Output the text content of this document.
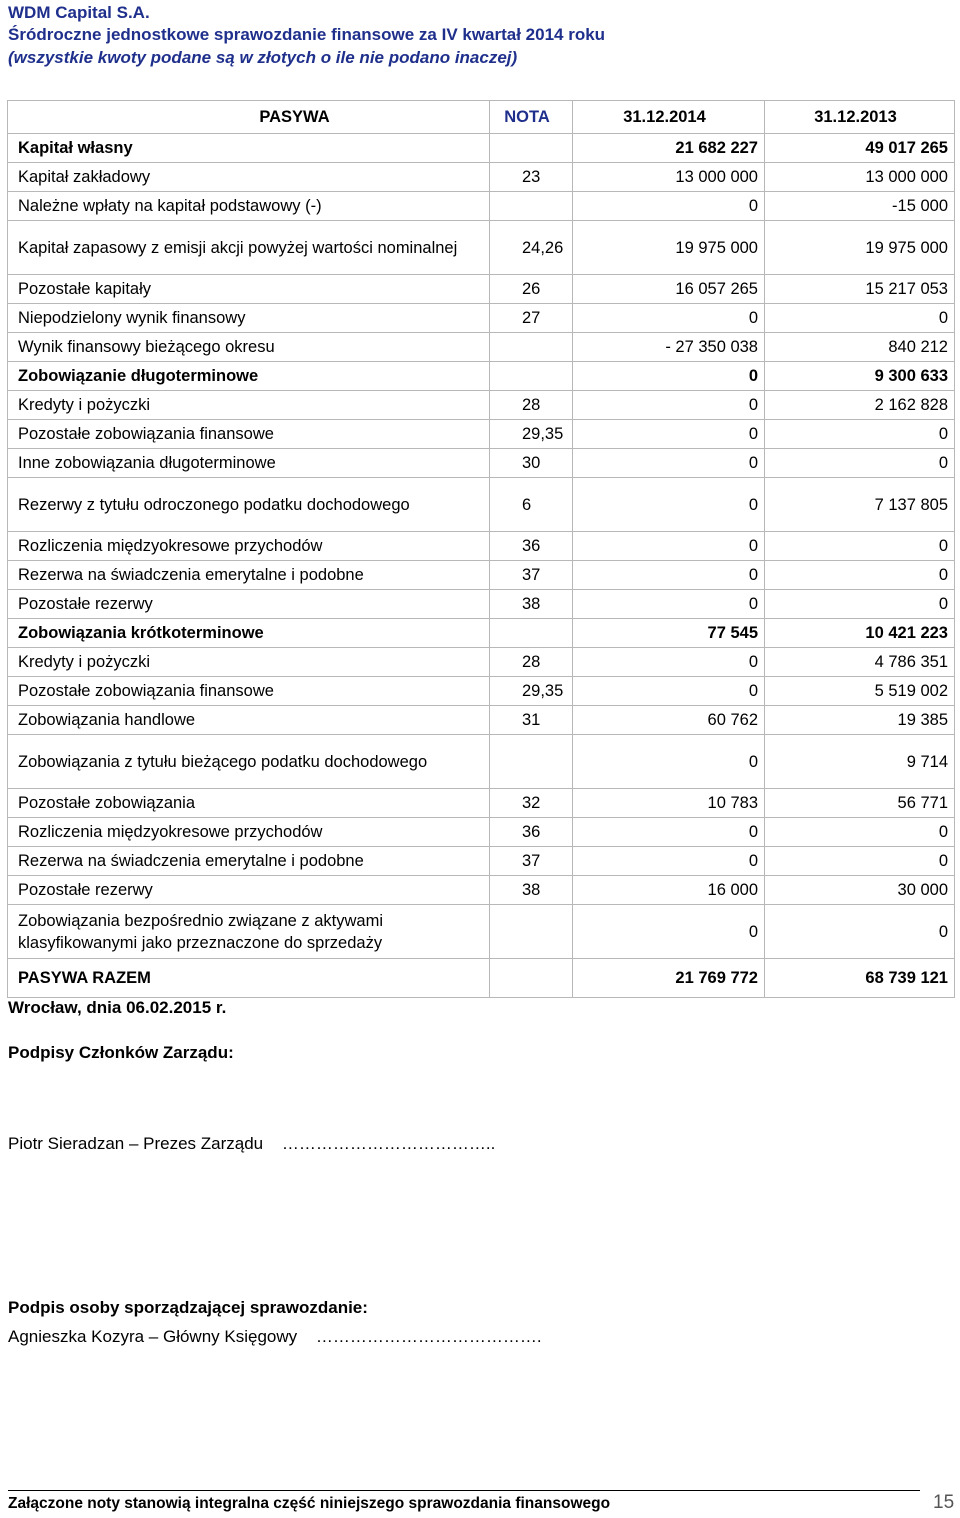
WDM Capital S.A.
Śródroczne jednostkowe sprawozdanie finansowe za IV kwartał 2014 roku
(wszystkie kwoty podane są w złotych o ile nie podano inaczej)
PASYWA	NOTA	31.12.2014	31.12.2013
Kapitał własny		21 682 227	49 017 265
Kapitał zakładowy	23	13 000 000	13 000 000
Należne wpłaty na kapitał podstawowy (-)		0	-15 000
Kapitał zapasowy z emisji akcji powyżej wartości nominalnej	24,26	19 975 000	19 975 000
Pozostałe kapitały	26	16 057 265	15 217 053
Niepodzielony wynik finansowy	27	0	0
Wynik finansowy bieżącego okresu		- 27 350 038	840 212
Zobowiązanie długoterminowe		0	9 300 633
Kredyty i pożyczki	28	0	2 162 828
Pozostałe zobowiązania finansowe	29,35	0	0
Inne zobowiązania długoterminowe	30	0	0
Rezerwy z tytułu odroczonego podatku dochodowego	6	0	7 137 805
Rozliczenia międzyokresowe przychodów	36	0	0
Rezerwa na świadczenia emerytalne i podobne	37	0	0
Pozostałe rezerwy	38	0	0
Zobowiązania krótkoterminowe		77 545	10 421 223
Kredyty i pożyczki	28	0	4 786 351
Pozostałe zobowiązania finansowe	29,35	0	5 519 002
Zobowiązania handlowe	31	60 762	19 385
Zobowiązania z tytułu bieżącego podatku dochodowego		0	9 714
Pozostałe zobowiązania	32	10 783	56 771
Rozliczenia międzyokresowe przychodów	36	0	0
Rezerwa na świadczenia emerytalne i podobne	37	0	0
Pozostałe rezerwy	38	16 000	30 000
Zobowiązania bezpośrednio związane z aktywami klasyfikowanymi jako przeznaczone do sprzedaży		0	0
PASYWA RAZEM		21 769 772	68 739 121
Wrocław, dnia 06.02.2015 r.
Podpisy Członków Zarządu:
Piotr Sieradzan – Prezes Zarządu ………………………………..
Podpis osoby sporządzającej sprawozdanie:
Agnieszka Kozyra – Główny Księgowy ………………………………….
Załączone noty stanowią integralna część niniejszego sprawozdania finansowego	15
